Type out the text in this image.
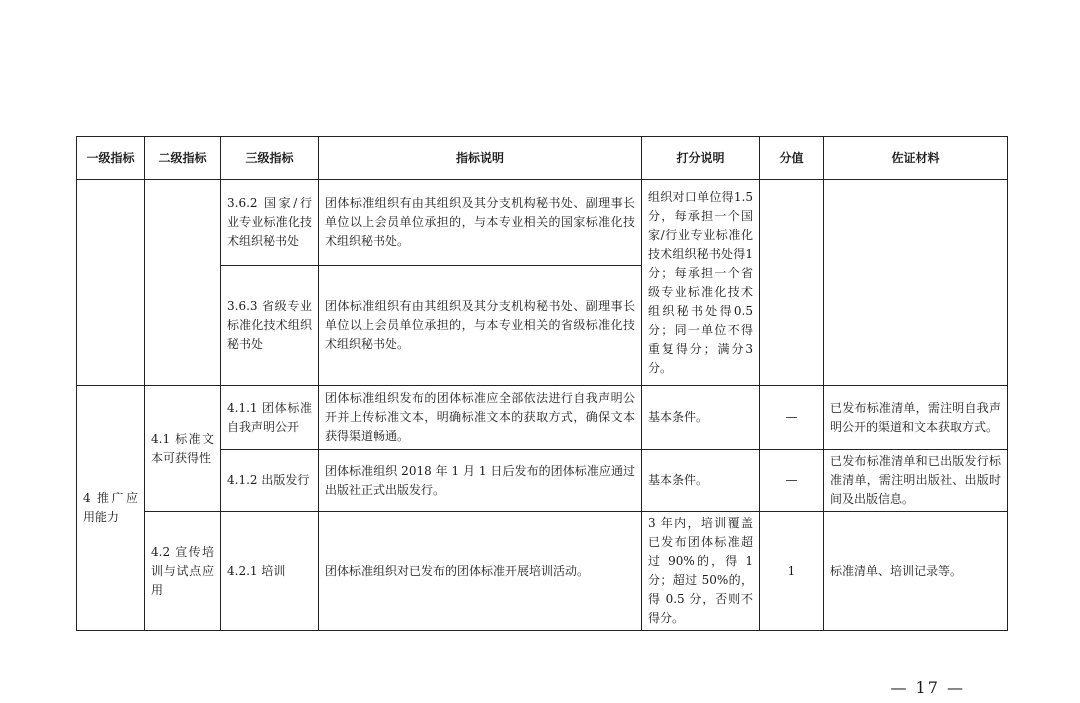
一级指标	二级指标	三级指标	指标说明	打分说明	分值	佐证材料
		3.6.2 国家/行业专业标准化技术组织秘书处	团体标准组织有由其组织及其分支机构秘书处、副理事长单位以上会员单位承担的，与本专业相关的国家标准化技术组织秘书处。	组织对口单位得1.5分，每承担一个国家/行业专业标准化技术组织秘书处得1分；每承担一个省级专业标准化技术组织秘书处得0.5分；同一单位不得重复得分；满分3分。		
		3.6.3 省级专业标准化技术组织秘书处	团体标准组织有由其组织及其分支机构秘书处、副理事长单位以上会员单位承担的，与本专业相关的省级标准化技术组织秘书处。			
4 推广应用能力	4.1 标准文本可获得性	4.1.1 团体标准自我声明公开	团体标准组织发布的团体标准应全部依法进行自我声明公开并上传标准文本，明确标准文本的获取方式，确保文本获得渠道畅通。	基本条件。	—	已发布标准清单，需注明自我声明公开的渠道和文本获取方式。
		4.1.2 出版发行	团体标准组织 2018 年 1 月 1 日后发布的团体标准应通过出版社正式出版发行。	基本条件。	—	已发布标准清单和已出版发行标准清单，需注明出版社、出版时间及出版信息。
	4.2 宣传培训与试点应用	4.2.1 培训	团体标准组织对已发布的团体标准开展培训活动。	3 年内，培训覆盖已发布团体标准超过 90%的，得 1 分；超过 50%的，得 0.5 分，否则不得分。	1	标准清单、培训记录等。
— 17 —
